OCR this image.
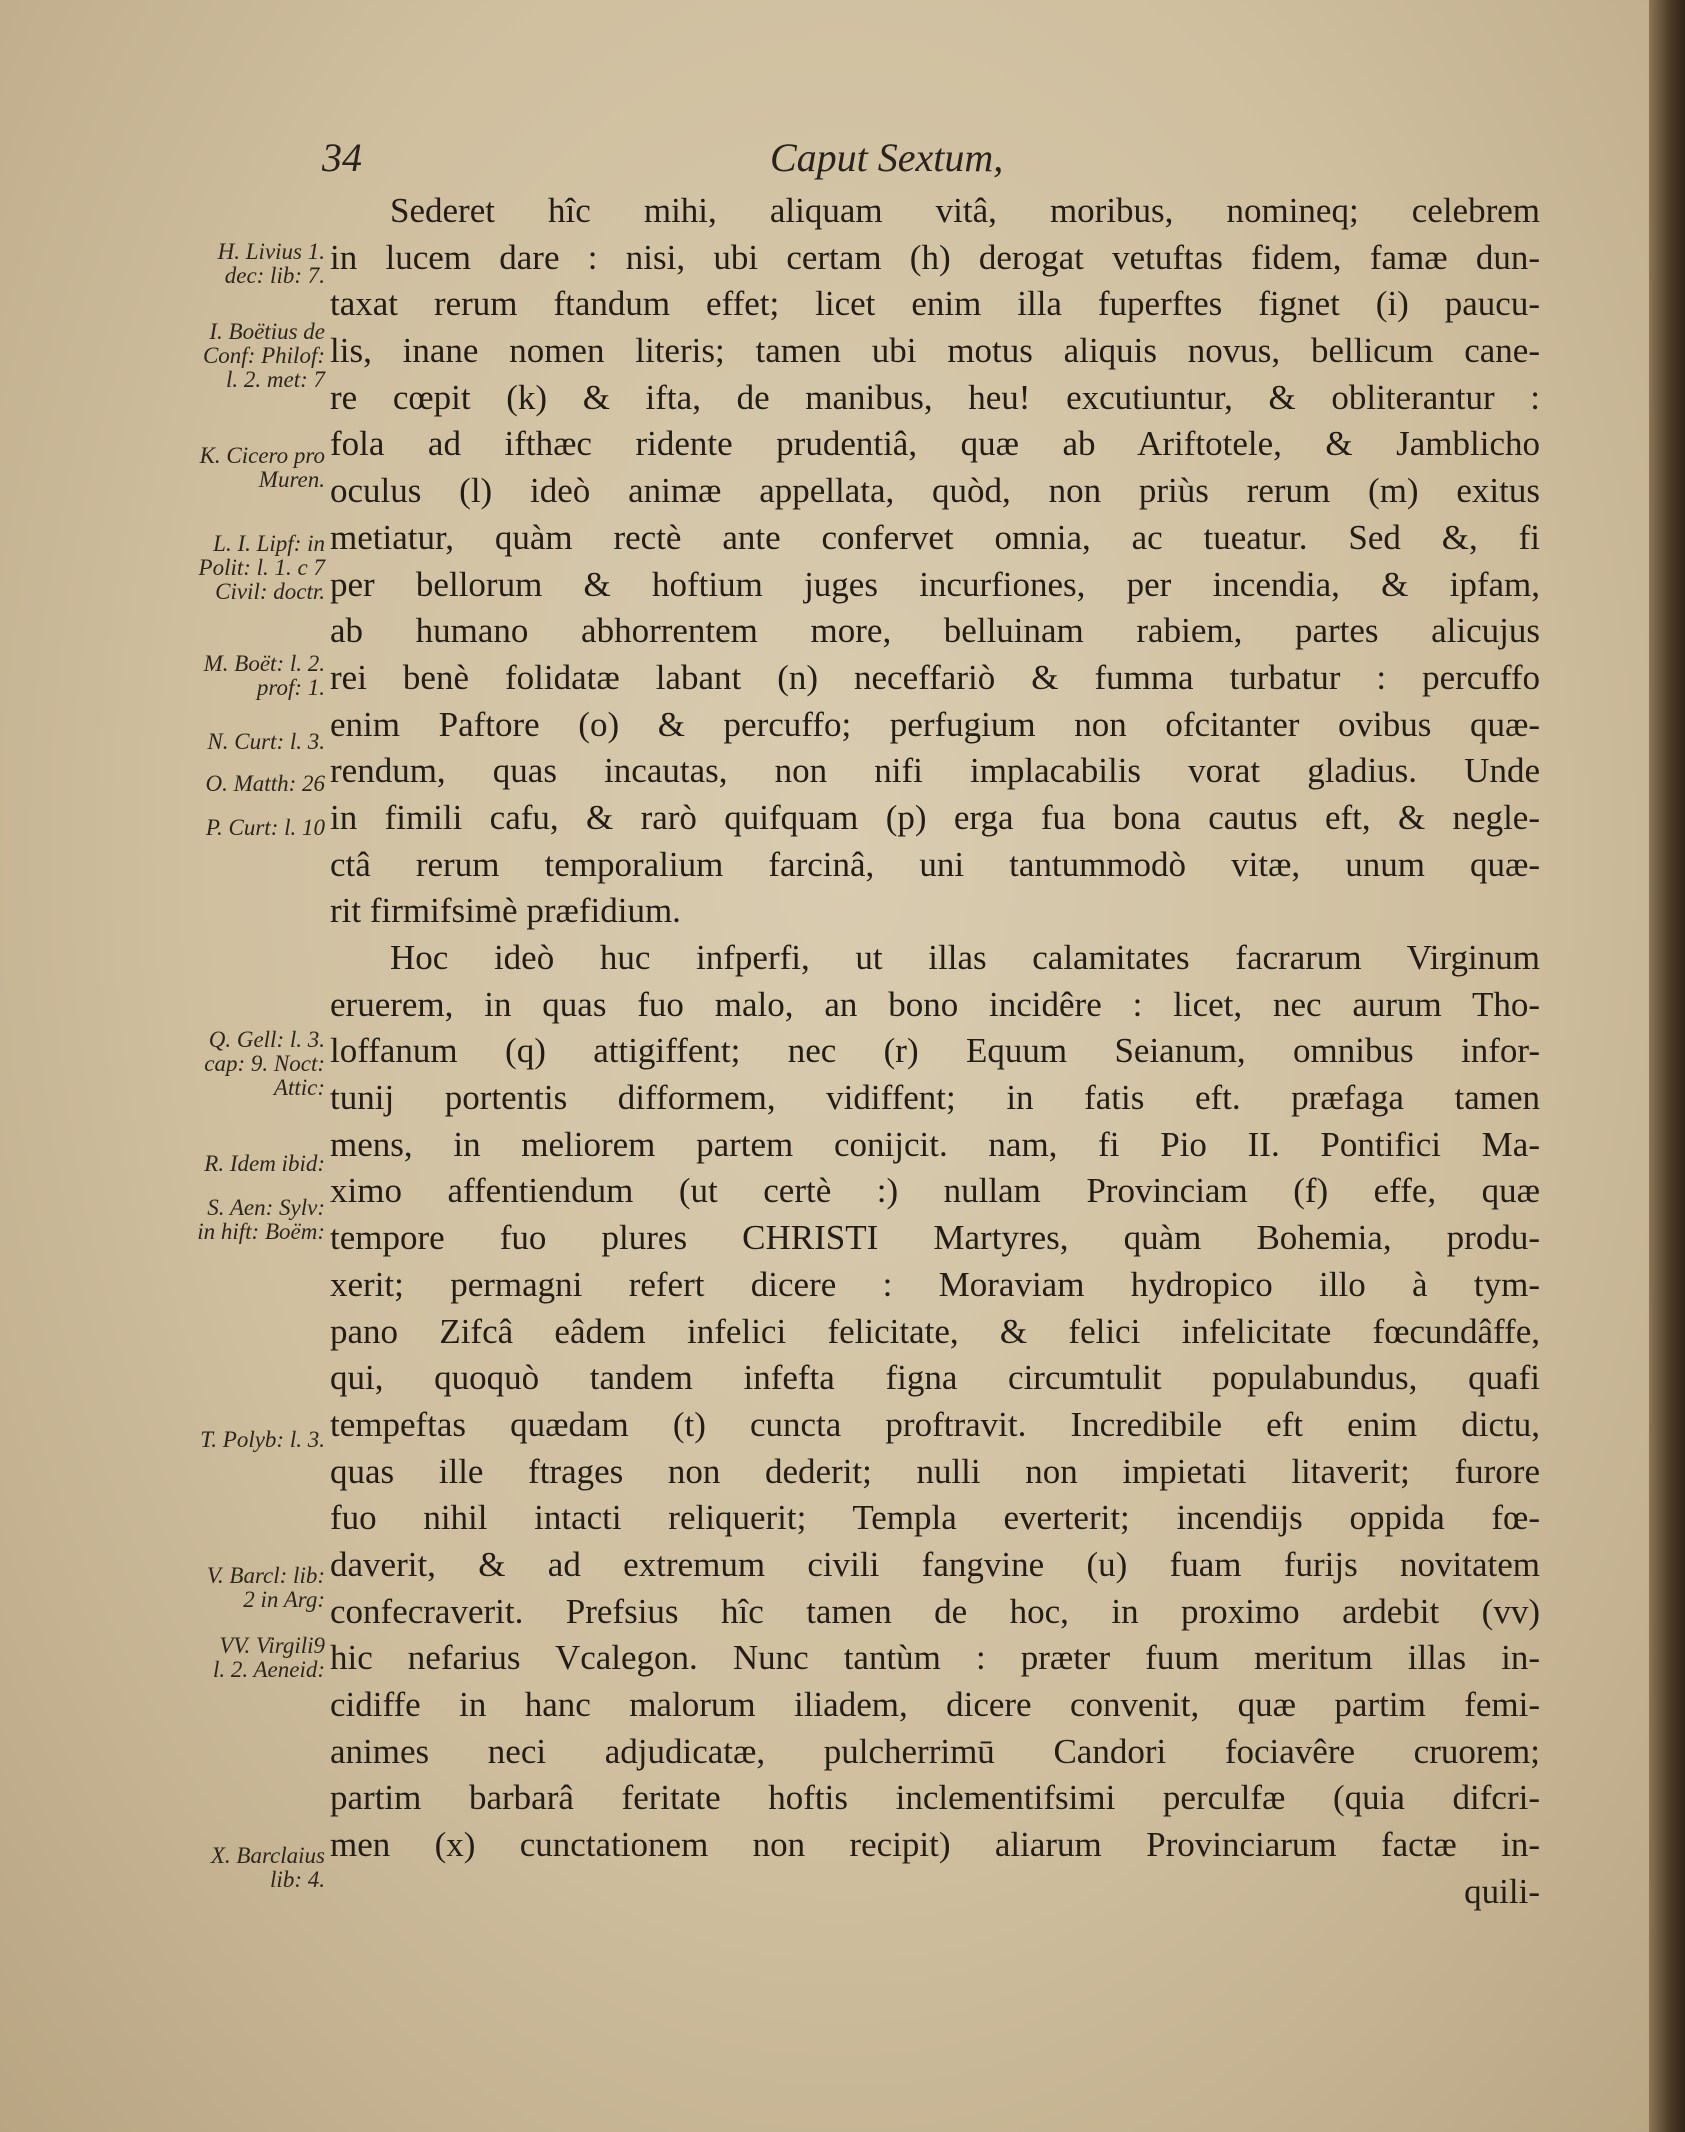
34	Caput Sextum,
H. Livius 1.
dec: lib: 7.
I. Boëtius de
Conf: Philof:
l. 2. met: 7
K. Cicero pro
Muren.
L. I. Lipf: in
Polit: l. 1. c 7
Civil: doctr.
M. Boët: l. 2.
prof: 1.
N. Curt: l. 3.
O. Matth: 26
P. Curt: l. 10
Q. Gell: l. 3.
cap: 9. Noct:
Attic:
R. Idem ibid:
S. Aen: Sylv:
in hift: Boëm:
T. Polyb: l. 3.
V. Barcl: lib:
2 in Arg:
VV. Virgili9
l. 2. Aeneid:
X. Barclaius
lib: 4.
Sederet hîc mihi, aliquam vitâ, moribus, nomineq; celebrem
in lucem dare : nisi, ubi certam (h) derogat vetuftas fidem, famæ dun-
taxat rerum ftandum effet; licet enim illa fuperftes fignet (i) paucu-
lis, inane nomen literis; tamen ubi motus aliquis novus, bellicum cane-
re cœpit (k) & ifta, de manibus, heu! excutiuntur, & obliterantur :
fola ad ifthæc ridente prudentiâ, quæ ab Ariftotele, & Jamblicho
oculus (l) ideò animæ appellata, quòd, non priùs rerum (m) exitus
metiatur, quàm rectè ante confervet omnia, ac tueatur. Sed &, fi
per bellorum & hoftium juges incurfiones, per incendia, & ipfam,
ab humano abhorrentem more, belluinam rabiem, partes alicujus
rei benè folidatæ labant (n) neceffariò & fumma turbatur : percuffo
enim Paftore (o) & percuffo; perfugium non ofcitanter ovibus quæ-
rendum, quas incautas, non nifi implacabilis vorat gladius. Unde
in fimili cafu, & rarò quifquam (p) erga fua bona cautus eft, & negle-
ctâ rerum temporalium farcinâ, uni tantummodò vitæ, unum quæ-
rit firmifsimè præfidium.
Hoc ideò huc infperfi, ut illas calamitates facrarum Virginum
eruerem, in quas fuo malo, an bono incidêre : licet, nec aurum Tho-
loffanum (q) attigiffent; nec (r) Equum Seianum, omnibus infor-
tunij portentis difformem, vidiffent; in fatis eft. præfaga tamen
mens, in meliorem partem conijcit. nam, fi Pio II. Pontifici Ma-
ximo affentiendum (ut certè :) nullam Provinciam (f) effe, quæ
tempore fuo plures CHRISTI Martyres, quàm Bohemia, produ-
xerit; permagni refert dicere : Moraviam hydropico illo à tym-
pano Zifcâ eâdem infelici felicitate, & felici infelicitate fœcundâffe,
qui, quoquò tandem infefta figna circumtulit populabundus, quafi
tempeftas quædam (t) cuncta proftravit. Incredibile eft enim dictu,
quas ille ftrages non dederit; nulli non impietati litaverit; furore
fuo nihil intacti reliquerit; Templa everterit; incendijs oppida fœ-
daverit, & ad extremum civili fangvine (u) fuam furijs novitatem
confecraverit. Prefsius hîc tamen de hoc, in proximo ardebit (vv)
hic nefarius Vcalegon. Nunc tantùm : præter fuum meritum illas in-
cidiffe in hanc malorum iliadem, dicere convenit, quæ partim femi-
animes neci adjudicatæ, pulcherrimū Candori fociavêre cruorem;
partim barbarâ feritate hoftis inclementifsimi perculfæ (quia difcri-
men (x) cunctationem non recipit) aliarum Provinciarum factæ in-
quili-
